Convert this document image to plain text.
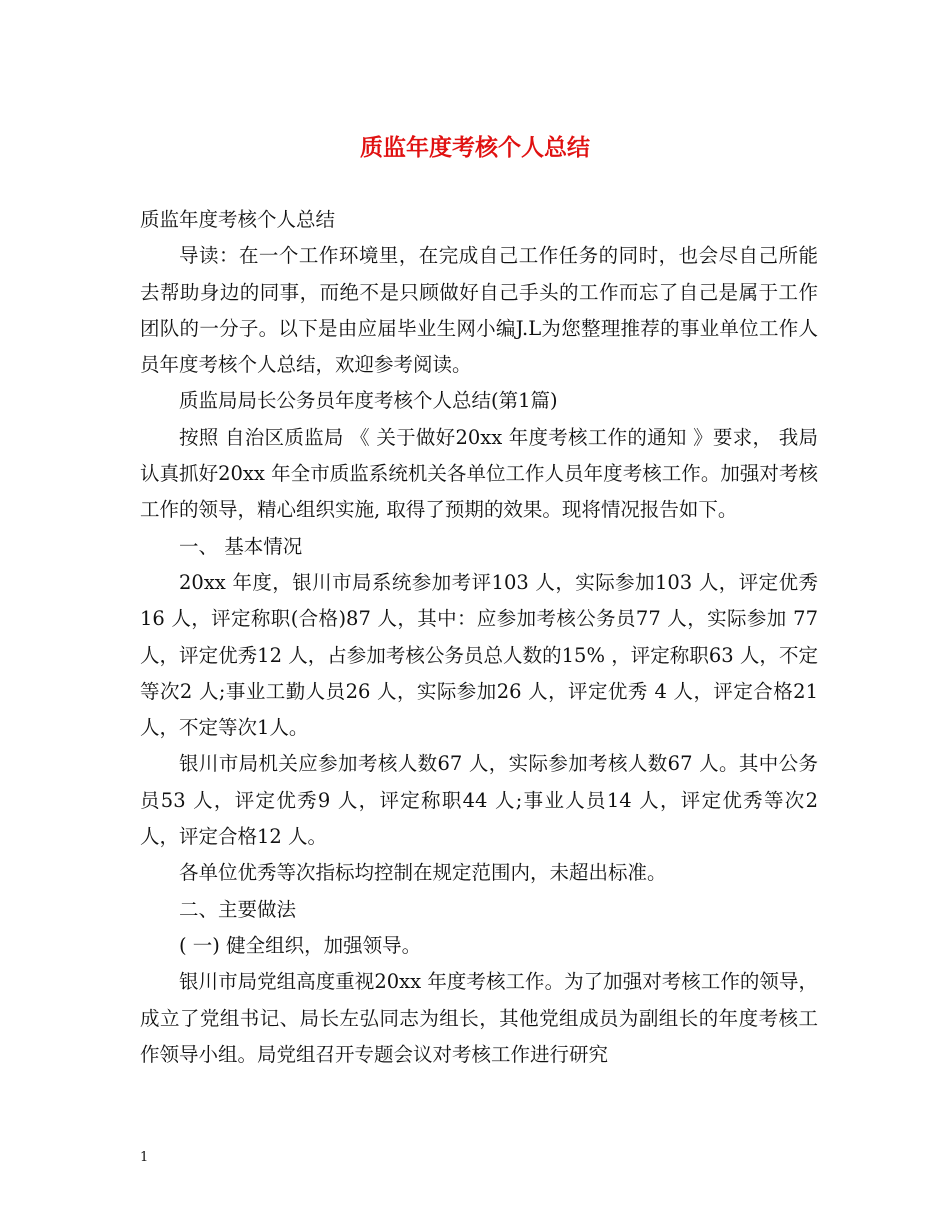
质监年度考核个人总结

质监年度考核个人总结

导读：在一个工作环境里，在完成自己工作任务的同时，也会尽自己所能去帮助身边的同事，而绝不是只顾做好自己手头的工作而忘了自己是属于工作团队的一分子。以下是由应届毕业生网小编J.L为您整理推荐的事业单位工作人员年度考核个人总结，欢迎参考阅读。

质监局局长公务员年度考核个人总结(第1篇)

按照 自治区质监局 《 关于做好20xx 年度考核工作的通知 》要求， 我局认真抓好20xx 年全市质监系统机关各单位工作人员年度考核工作。加强对考核工作的领导，精心组织实施, 取得了预期的效果。现将情况报告如下。

一、 基本情况

20xx 年度，银川市局系统参加考评103 人，实际参加103 人，评定优秀16 人，评定称职(合格)87 人，其中：应参加考核公务员77 人，实际参加 77 人，评定优秀12 人，占参加考核公务员总人数的15% ，评定称职63 人，不定等次2 人;事业工勤人员26 人，实际参加26 人，评定优秀 4 人，评定合格21 人，不定等次1人。

银川市局机关应参加考核人数67 人，实际参加考核人数67 人。其中公务员53 人，评定优秀9 人，评定称职44 人;事业人员14 人，评定优秀等次2 人，评定合格12 人。

各单位优秀等次指标均控制在规定范围内，未超出标准。

二、主要做法

( 一) 健全组织，加强领导。

银川市局党组高度重视20xx 年度考核工作。为了加强对考核工作的领导，成立了党组书记、局长左弘同志为组长，其他党组成员为副组长的年度考核工作领导小组。局党组召开专题会议对考核工作进行研究

1
